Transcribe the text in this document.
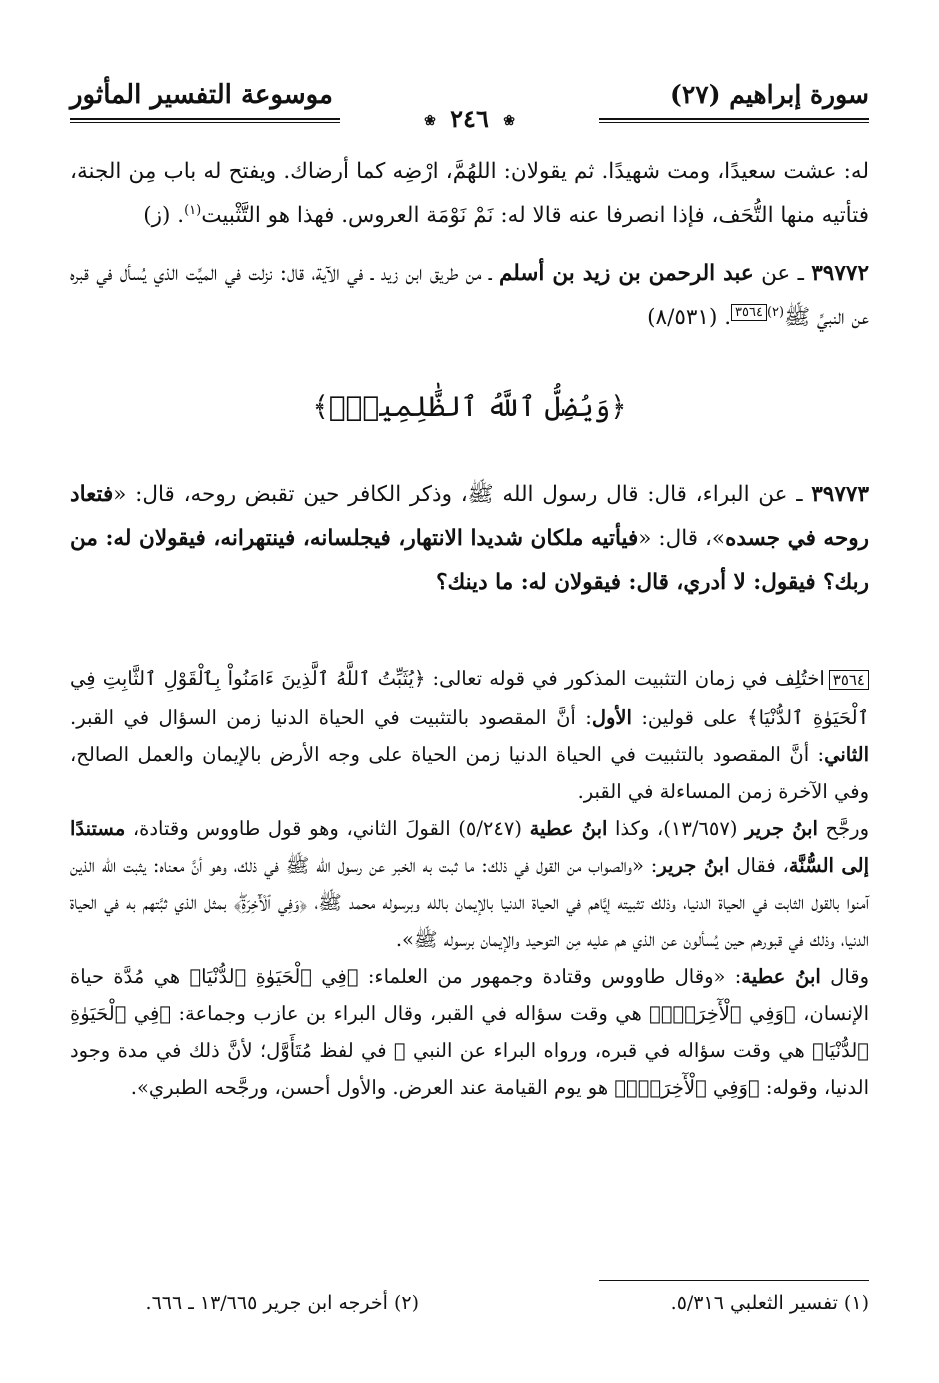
سورة إبراهيم (٢٧)
موسوعة التفسير المأثور
❀ ٢٤٦ ❀

له: عشت سعيدًا، ومت شهيدًا. ثم يقولان: اللهُمَّ، ارْضِه كما أرضاك. ويفتح له باب مِن الجنة، فتأتيه منها التُّحَف، فإذا انصرفا عنه قالا له: نَمْ نَوْمَة العروس. فهذا هو التَّثْبيت$^{(١)}$. (ز)

٣٩٧٧٢ ـ عن عبد الرحمن بن زيد بن أسلم ـ من طريق ابن زيد ـ في الآية، قال: نزلت في الميِّت الذي يُسأل في قبره عن النبيِّ ﷺ$^{(٢)٣٥٦٤}$. (٨/٥٣١)

﴿وَيُضِلُّ ٱللَّهُ ٱلظَّٰلِمِينَۚ﴾

٣٩٧٧٣ ـ عن البراء، قال: قال رسول الله ﷺ، وذكر الكافر حين تقبض روحه، قال: «فتعاد روحه في جسده»، قال: «فيأتيه ملكان شديدا الانتهار، فيجلسانه، فينتهرانه، فيقولان له: من ربك؟ فيقول: لا أدري، قال: فيقولان له: ما دينك؟

٣٥٦٤اختُلِف في زمان التثبيت المذكور في قوله تعالى: ﴿يُثَبِّتُ ٱللَّهُ ٱلَّذِينَ ءَامَنُواْ بِٱلْقَوْلِ ٱلثَّابِتِ فِي ٱلْحَيَوٰةِ ٱلدُّنْيَا﴾ على قولين: الأول: أنَّ المقصود بالتثبيت في الحياة الدنيا زمن السؤال في القبر. الثاني: أنَّ المقصود بالتثبيت في الحياة الدنيا زمن الحياة على وجه الأرض بالإيمان والعمل الصالح، وفي الآخرة زمن المساءلة في القبر.

ورجَّح ابنُ جرير (١٣/٦٥٧)، وكذا ابنُ عطية (٥/٢٤٧) القولَ الثاني، وهو قول طاووس وقتادة، مستندًا إلى السُّنَّة، فقال ابنُ جرير: «والصواب من القول في ذلك: ما ثبت به الخبر عن رسول الله ﷺ في ذلك، وهو أنَّ معناه: يثبت الله الذين آمنوا بالقول الثابت في الحياة الدنيا، وذلك تثبيته إيَّاهم في الحياة الدنيا بالإيمان بالله وبرسوله محمد ﷺ، ﴿وَفِي ٱلْأٓخِرَةِۖ﴾ بمثل الذي ثبَّتهم به في الحياة الدنيا، وذلك في قبورهم حين يُسألون عن الذي هم عليه مِن التوحيد والإيمان برسوله ﷺ».

وقال ابنُ عطية: «وقال طاووس وقتادة وجمهور من العلماء: ﴿فِي ٱلْحَيَوٰةِ ٱلدُّنْيَا﴾ هي مُدَّة حياة الإنسان، ﴿وَفِي ٱلْأٓخِرَةِۖ﴾ هي وقت سؤاله في القبر، وقال البراء بن عازب وجماعة: ﴿فِي ٱلْحَيَوٰةِ ٱلدُّنْيَا﴾ هي وقت سؤاله في قبره، ورواه البراء عن النبي ﷺ في لفظ مُتَأَوَّل؛ لأنَّ ذلك في مدة وجود الدنيا، وقوله: ﴿وَفِي ٱلْأٓخِرَةِۖ﴾ هو يوم القيامة عند العرض. والأول أحسن، ورجَّحه الطبري».

(١) تفسير الثعلبي ٥/٣١٦.
(٢) أخرجه ابن جرير ١٣/٦٦٥ ـ ٦٦٦.
